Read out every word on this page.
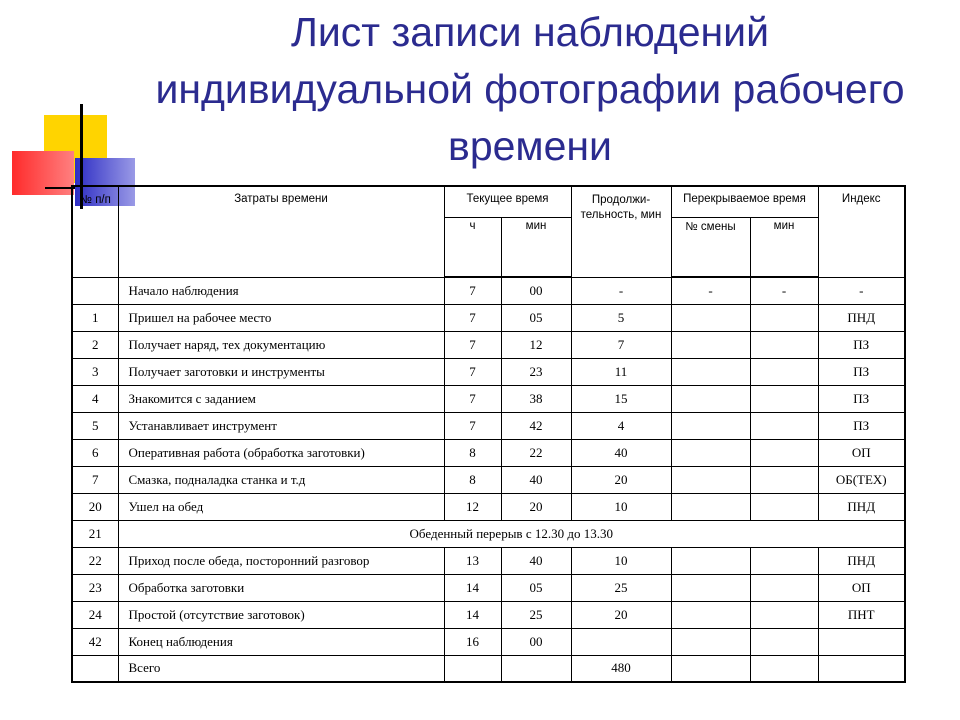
Лист записи наблюдений
индивидуальной фотографии рабочего
времени
№ п/п	Затраты времени	Текущее время		Продолжи-тельность, мин	Перекрываемое время		Индекс
		ч	мин		№ смены	мин	
	Начало наблюдения	7	00	-	-	-	-
1	Пришел на рабочее место	7	05	5			ПНД
2	Получает наряд, тех документацию	7	12	7			ПЗ
3	Получает заготовки и инструменты	7	23	11			ПЗ
4	Знакомится с заданием	7	38	15			ПЗ
5	Устанавливает инструмент	7	42	4			ПЗ
6	Оперативная работа (обработка заготовки)	8	22	40			ОП
7	Смазка, подналадка станка и т.д	8	40	20			ОБ(ТЕХ)
20	Ушел на обед	12	20	10			ПНД
21	Обеденный перерыв с 12.30 до 13.30						
22	Приход после обеда, посторонний разговор	13	40	10			ПНД
23	Обработка заготовки	14	05	25			ОП
24	Простой (отсутствие заготовок)	14	25	20			ПНТ
42	Конец наблюдения	16	00				
	Всего			480			
